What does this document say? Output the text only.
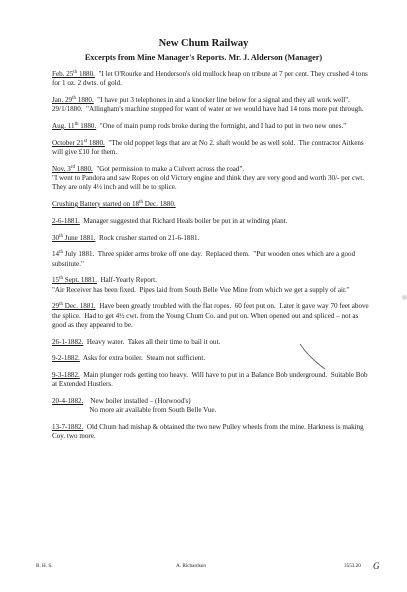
New Chum Railway
Excerpts from Mine Manager's Reports. Mr. J. Alderson (Manager)

Feb. 25th 1880.  "I let O'Rourke and Henderson's old mullock heap on tribute at 7 per cent. They crushed 4 tons for 1 oz. 2 dwts. of gold.

Jan. 29th 1880.  "I have put 3 telephones in and a knocker line below for a signal and they all work well".

29/1/1880.  "Allingham's machine stopped for want of water or we would have had 14 tons more put through.

Aug. 11th 1880.  "One of main pump rods broke during the fortnight, and I had to put in two new ones."

October 21st 1880.  "The old poppet legs that are at No 2. shaft would be as well sold.  The contractor Aitkens will give £10 for them.

Nov. 3rd 1880.  "Got permission to make a Culvert across the road".

"I went to Pandora and saw Ropes on old Victory engine and think they are very good and worth 30/- per cwt.  They are only 4½ inch and will be to splice.

Crushing Battery started on 18th Dec. 1880.

2-6-1881.  Manager suggested that Richard Heals boiler be put in at winding plant.

30th June 1881.  Rock crusher started on 21-6-1881.

14th July 1881.  Three spider arms broke off one day.  Replaced them.  "Put wooden ones which are a good substitute."

15th Sept. 1881.  Half-Yearly Report.

"Air Receiver has been fixed.  Pipes laid from South Belle Vue Mine from which we get a supply of air."

29th Dec. 1881.  Have been greatly troubled with the flat ropes.  60 feet put on.  Later it gave way 70 feet above the splice.  Had to get 4½ cwt. from the Young Chum Co. and put on. When opened out and spliced – not as good as they appeared to be.

26-1-1882.  Heavy water.  Takes all their time to bail it out.

9-2-1882.  Asks for extra boiler.  Steam not sufficient.

9-3-1882.  Main plunger rods getting too heavy.  Will have to put in a Balance Bob underground.  Suitable Bob at Extended Hustlers.

20-4-1882.    New boiler installed – (Horwood's)

No more air available from South Belle Vue.

13-7-1882.  Old Chum had mishap & obtained the two new Pulley wheels from the mine. Harkness is making Coy. two more.

B. H. S.	A. Richardson	3553.20 G
